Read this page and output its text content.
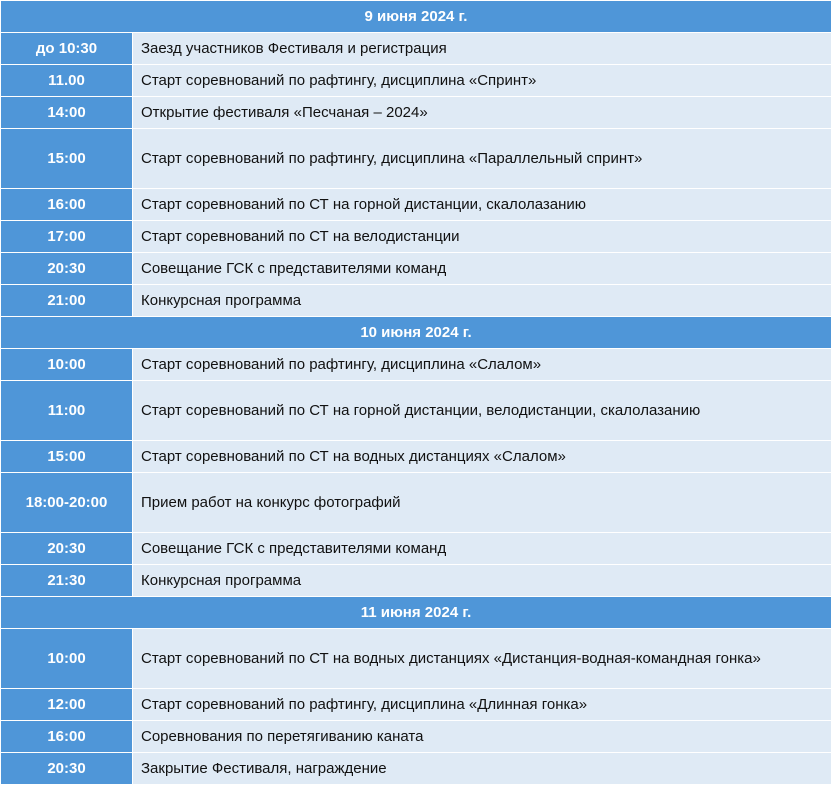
9 июня 2024 г.	
до 10:30	Заезд участников Фестиваля и регистрация
11.00	Старт соревнований по рафтингу, дисциплина «Спринт»
14:00	Открытие фестиваля «Песчаная – 2024»
15:00	Старт соревнований по рафтингу, дисциплина «Параллельный спринт»
16:00	Старт соревнований по СТ на горной дистанции, скалолазанию
17:00	Старт соревнований по СТ на велодистанции
20:30	Совещание ГСК с представителями команд
21:00	Конкурсная программа
10 июня 2024 г.	
10:00	Старт соревнований по рафтингу, дисциплина «Слалом»
11:00	Старт соревнований по СТ на горной дистанции, велодистанции, скалолазанию
15:00	Старт соревнований по СТ на водных дистанциях «Слалом»
18:00-20:00	Прием работ на конкурс фотографий
20:30	Совещание ГСК с представителями команд
21:30	Конкурсная программа
11 июня 2024 г.	
10:00	Старт соревнований по СТ на водных дистанциях «Дистанция-водная-командная гонка»
12:00	Старт соревнований по рафтингу, дисциплина «Длинная гонка»
16:00	Соревнования по перетягиванию каната
20:30	Закрытие Фестиваля, награждение
